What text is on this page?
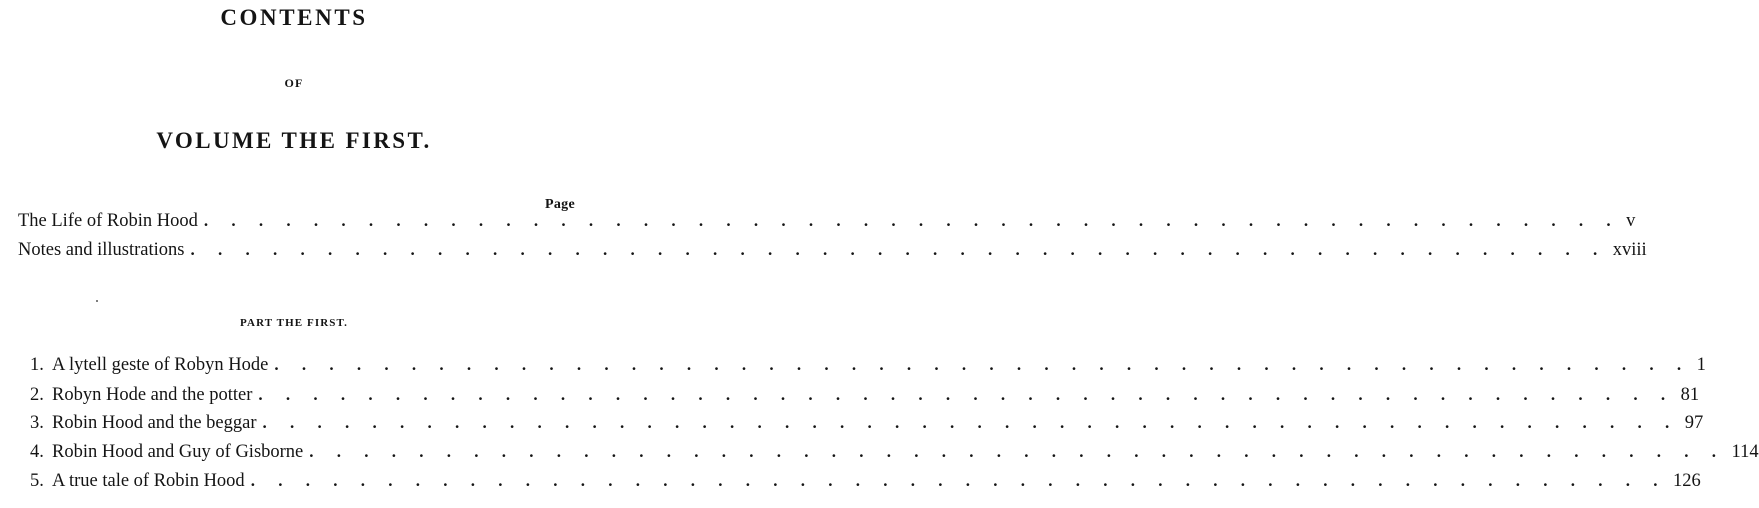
CONTENTS
OF
VOLUME THE FIRST.
Page
The Life of Robin Hood . . . . . . . . . . . . . . . . . . . . . . . . . . . . . . . . . . . . . . . . . . . . . . . . . . . . v
Notes and illustrations . . . . . . . . . . . . . . . . . . . . . . . . . . . . . . . . . . . . . . . . . . . . . . . . . . . . xviii
PART THE FIRST.
1. A lytell geste of Robyn Hode . . . . . . . . . . . . . . . . . . . . . . . . . . . . . . . . . . . . . . . . . . . . . . . . . . . . 1
2. Robyn Hode and the potter . . . . . . . . . . . . . . . . . . . . . . . . . . . . . . . . . . . . . . . . . . . . . . . . . . . . 81
3. Robin Hood and the beggar . . . . . . . . . . . . . . . . . . . . . . . . . . . . . . . . . . . . . . . . . . . . . . . . . . . . 97
4. Robin Hood and Guy of Gisborne . . . . . . . . . . . . . . . . . . . . . . . . . . . . . . . . . . . . . . . . . . . . . . . . . . . . 114
5. A true tale of Robin Hood . . . . . . . . . . . . . . . . . . . . . . . . . . . . . . . . . . . . . . . . . . . . . . . . . . . . 126
